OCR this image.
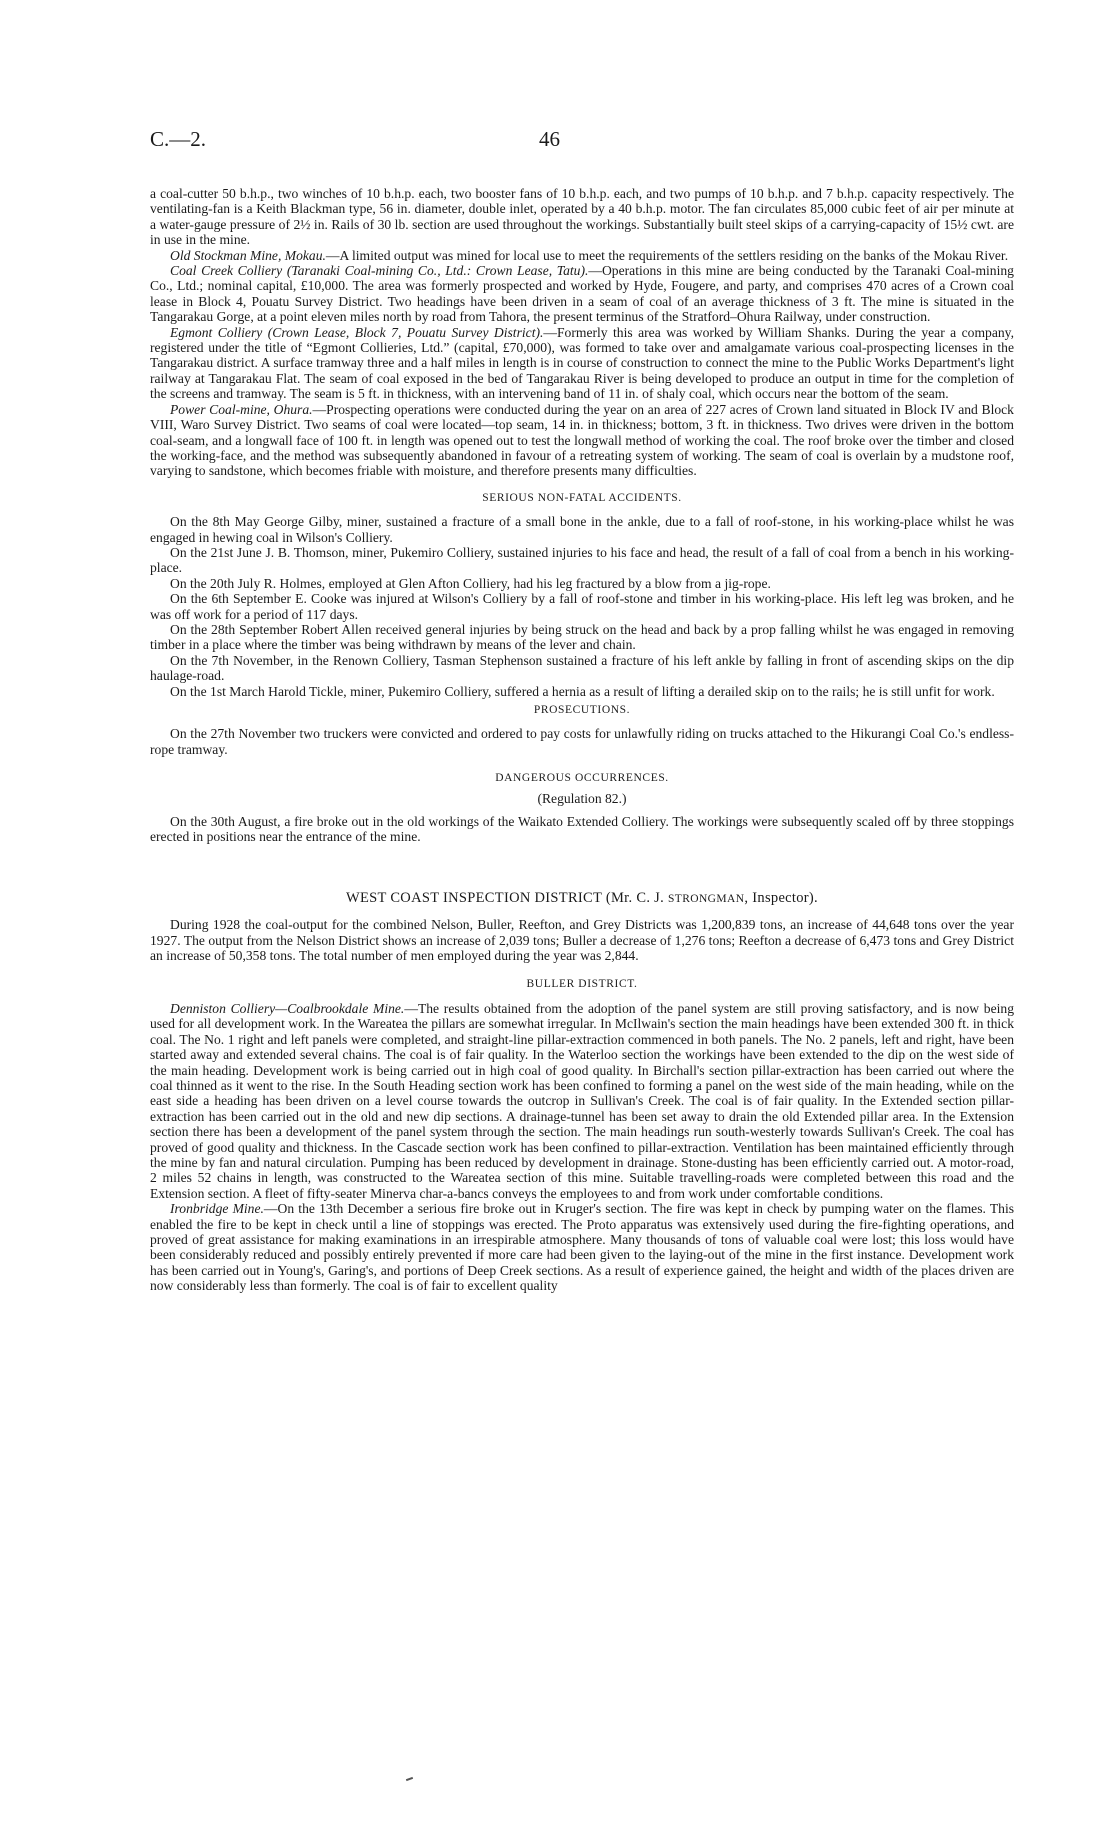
C.—2.	46

a coal-cutter 50 b.h.p., two winches of 10 b.h.p. each, two booster fans of 10 b.h.p. each, and two pumps of 10 b.h.p. and 7 b.h.p. capacity respectively. The ventilating-fan is a Keith Blackman type, 56 in. diameter, double inlet, operated by a 40 b.h.p. motor. The fan circulates 85,000 cubic feet of air per minute at a water-gauge pressure of 2½ in. Rails of 30 lb. section are used throughout the workings. Substantially built steel skips of a carrying-capacity of 15½ cwt. are in use in the mine.

Old Stockman Mine, Mokau.—A limited output was mined for local use to meet the requirements of the settlers residing on the banks of the Mokau River.

Coal Creek Colliery (Taranaki Coal-mining Co., Ltd.: Crown Lease, Tatu).—Operations in this mine are being conducted by the Taranaki Coal-mining Co., Ltd.; nominal capital, £10,000. The area was formerly prospected and worked by Hyde, Fougere, and party, and comprises 470 acres of a Crown coal lease in Block 4, Pouatu Survey District. Two headings have been driven in a seam of coal of an average thickness of 3 ft. The mine is situated in the Tangarakau Gorge, at a point eleven miles north by road from Tahora, the present terminus of the Stratford–Ohura Railway, under construction.

Egmont Colliery (Crown Lease, Block 7, Pouatu Survey District).—Formerly this area was worked by William Shanks. During the year a company, registered under the title of “Egmont Collieries, Ltd.” (capital, £70,000), was formed to take over and amalgamate various coal-prospecting licenses in the Tangarakau district. A surface tramway three and a half miles in length is in course of construction to connect the mine to the Public Works Department's light railway at Tangarakau Flat. The seam of coal exposed in the bed of Tangarakau River is being developed to produce an output in time for the completion of the screens and tramway. The seam is 5 ft. in thickness, with an intervening band of 11 in. of shaly coal, which occurs near the bottom of the seam.

Power Coal-mine, Ohura.—Prospecting operations were conducted during the year on an area of 227 acres of Crown land situated in Block IV and Block VIII, Waro Survey District. Two seams of coal were located—top seam, 14 in. in thickness; bottom, 3 ft. in thickness. Two drives were driven in the bottom coal-seam, and a longwall face of 100 ft. in length was opened out to test the longwall method of working the coal. The roof broke over the timber and closed the working-face, and the method was subsequently abandoned in favour of a retreating system of working. The seam of coal is overlain by a mudstone roof, varying to sandstone, which becomes friable with moisture, and therefore presents many difficulties.

SERIOUS NON-FATAL ACCIDENTS.

On the 8th May George Gilby, miner, sustained a fracture of a small bone in the ankle, due to a fall of roof-stone, in his working-place whilst he was engaged in hewing coal in Wilson's Colliery.

On the 21st June J. B. Thomson, miner, Pukemiro Colliery, sustained injuries to his face and head, the result of a fall of coal from a bench in his working-place.

On the 20th July R. Holmes, employed at Glen Afton Colliery, had his leg fractured by a blow from a jig-rope.

On the 6th September E. Cooke was injured at Wilson's Colliery by a fall of roof-stone and timber in his working-place. His left leg was broken, and he was off work for a period of 117 days.

On the 28th September Robert Allen received general injuries by being struck on the head and back by a prop falling whilst he was engaged in removing timber in a place where the timber was being withdrawn by means of the lever and chain.

On the 7th November, in the Renown Colliery, Tasman Stephenson sustained a fracture of his left ankle by falling in front of ascending skips on the dip haulage-road.

On the 1st March Harold Tickle, miner, Pukemiro Colliery, suffered a hernia as a result of lifting a derailed skip on to the rails; he is still unfit for work.

PROSECUTIONS.

On the 27th November two truckers were convicted and ordered to pay costs for unlawfully riding on trucks attached to the Hikurangi Coal Co.'s endless-rope tramway.

DANGEROUS OCCURRENCES.
(Regulation 82.)

On the 30th August, a fire broke out in the old workings of the Waikato Extended Colliery. The workings were subsequently scaled off by three stoppings erected in positions near the entrance of the mine.

WEST COAST INSPECTION DISTRICT (Mr. C. J. STRONGMAN, Inspector).

During 1928 the coal-output for the combined Nelson, Buller, Reefton, and Grey Districts was 1,200,839 tons, an increase of 44,648 tons over the year 1927. The output from the Nelson District shows an increase of 2,039 tons; Buller a decrease of 1,276 tons; Reefton a decrease of 6,473 tons and Grey District an increase of 50,358 tons. The total number of men employed during the year was 2,844.

BULLER DISTRICT.

Denniston Colliery—Coalbrookdale Mine.—The results obtained from the adoption of the panel system are still proving satisfactory, and is now being used for all development work. In the Wareatea the pillars are somewhat irregular. In McIlwain's section the main headings have been extended 300 ft. in thick coal. The No. 1 right and left panels were completed, and straight-line pillar-extraction commenced in both panels. The No. 2 panels, left and right, have been started away and extended several chains. The coal is of fair quality. In the Waterloo section the workings have been extended to the dip on the west side of the main heading. Development work is being carried out in high coal of good quality. In Birchall's section pillar-extraction has been carried out where the coal thinned as it went to the rise. In the South Heading section work has been confined to forming a panel on the west side of the main heading, while on the east side a heading has been driven on a level course towards the outcrop in Sullivan's Creek. The coal is of fair quality. In the Extended section pillar-extraction has been carried out in the old and new dip sections. A drainage-tunnel has been set away to drain the old Extended pillar area. In the Extension section there has been a development of the panel system through the section. The main headings run south-westerly towards Sullivan's Creek. The coal has proved of good quality and thickness. In the Cascade section work has been confined to pillar-extraction. Ventilation has been maintained efficiently through the mine by fan and natural circulation. Pumping has been reduced by development in drainage. Stone-dusting has been efficiently carried out. A motor-road, 2 miles 52 chains in length, was constructed to the Wareatea section of this mine. Suitable travelling-roads were completed between this road and the Extension section. A fleet of fifty-seater Minerva char-a-bancs conveys the employees to and from work under comfortable conditions.

Ironbridge Mine.—On the 13th December a serious fire broke out in Kruger's section. The fire was kept in check by pumping water on the flames. This enabled the fire to be kept in check until a line of stoppings was erected. The Proto apparatus was extensively used during the fire-fighting operations, and proved of great assistance for making examinations in an irrespirable atmosphere. Many thousands of tons of valuable coal were lost; this loss would have been considerably reduced and possibly entirely prevented if more care had been given to the laying-out of the mine in the first instance. Development work has been carried out in Young's, Garing's, and portions of Deep Creek sections. As a result of experience gained, the height and width of the places driven are now considerably less than formerly. The coal is of fair to excellent quality
